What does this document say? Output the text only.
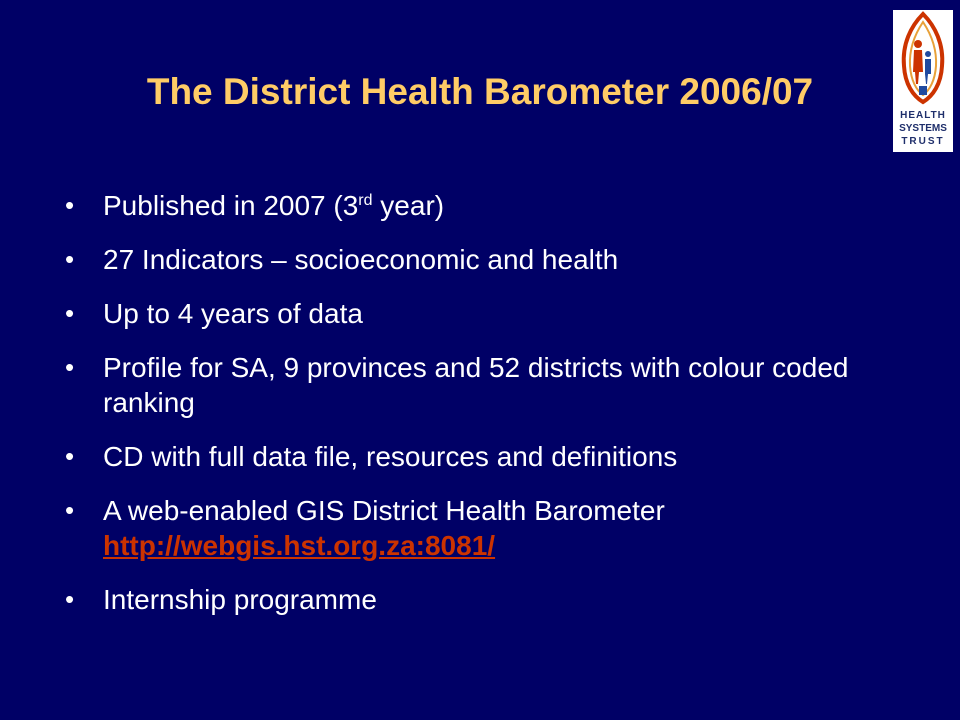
The District Health Barometer 2006/07
HEALTH
SYSTEMS
TRUST
• Published in 2007 (3rd year)
• 27 Indicators – socioeconomic and health
• Up to 4 years of data
• Profile for SA, 9 provinces and 52 districts with colour coded ranking
• CD with full data file, resources and definitions
• A web-enabled GIS District Health Barometer
http://webgis.hst.org.za:8081/
• Internship programme
